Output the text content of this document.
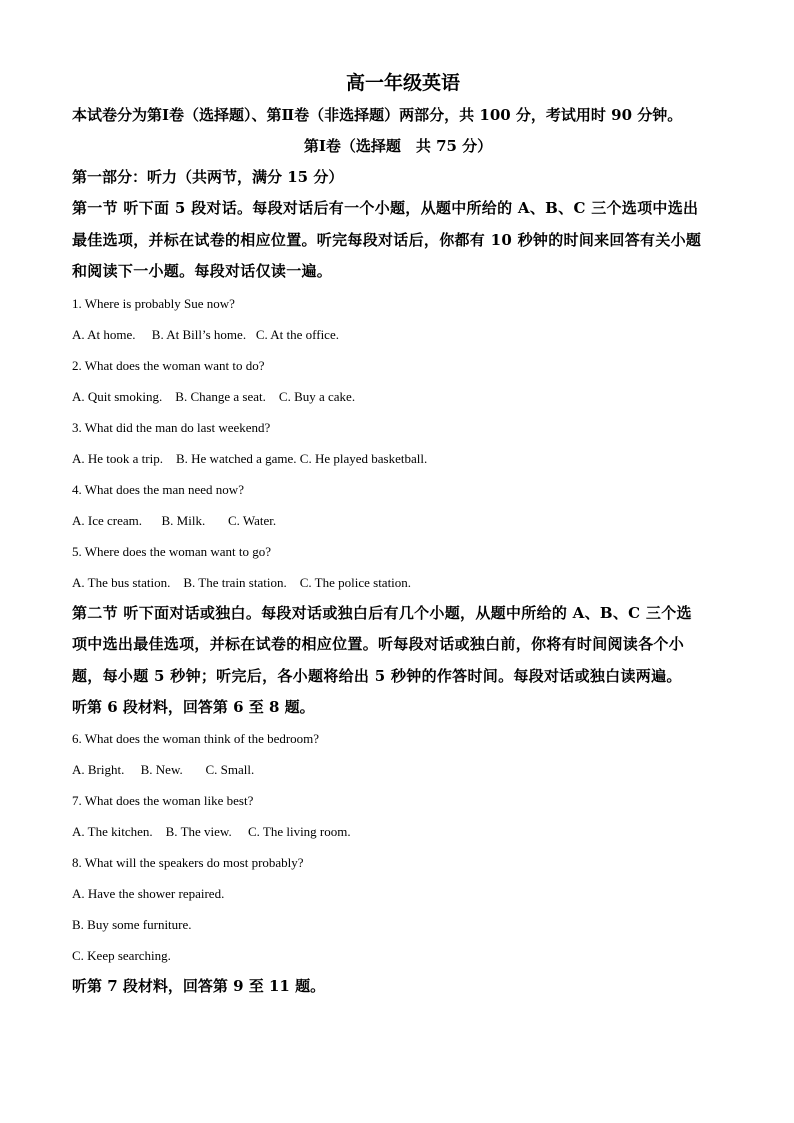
高一年级英语
本试卷分为第Ⅰ卷（选择题）、第Ⅱ卷（非选择题）两部分，共 100 分，考试用时 90 分钟。
第Ⅰ卷（选择题　共 75 分）
第一部分：听力（共两节，满分 15 分）
第一节 听下面 5 段对话。每段对话后有一个小题，从题中所给的 A、B、C 三个选项中选出
最佳选项，并标在试卷的相应位置。听完每段对话后，你都有 10 秒钟的时间来回答有关小题
和阅读下一小题。每段对话仅读一遍。
1. Where is probably Sue now?
A. At home.     B. At Bill’s home.   C. At the office.
2. What does the woman want to do?
A. Quit smoking.    B. Change a seat.    C. Buy a cake.
3. What did the man do last weekend?
A. He took a trip.    B. He watched a game. C. He played basketball.
4. What does the man need now?
A. Ice cream.      B. Milk.       C. Water.
5. Where does the woman want to go?
A. The bus station.    B. The train station.    C. The police station.
第二节 听下面对话或独白。每段对话或独白后有几个小题，从题中所给的 A、B、C 三个选
项中选出最佳选项，并标在试卷的相应位置。听每段对话或独白前，你将有时间阅读各个小
题，每小题 5 秒钟；听完后，各小题将给出 5 秒钟的作答时间。每段对话或独白读两遍。
听第 6 段材料，回答第 6 至 8 题。
6. What does the woman think of the bedroom?
A. Bright.     B. New.       C. Small.
7. What does the woman like best?
A. The kitchen.    B. The view.     C. The living room.
8. What will the speakers do most probably?
A. Have the shower repaired.
B. Buy some furniture.
C. Keep searching.
听第 7 段材料，回答第 9 至 11 题。
